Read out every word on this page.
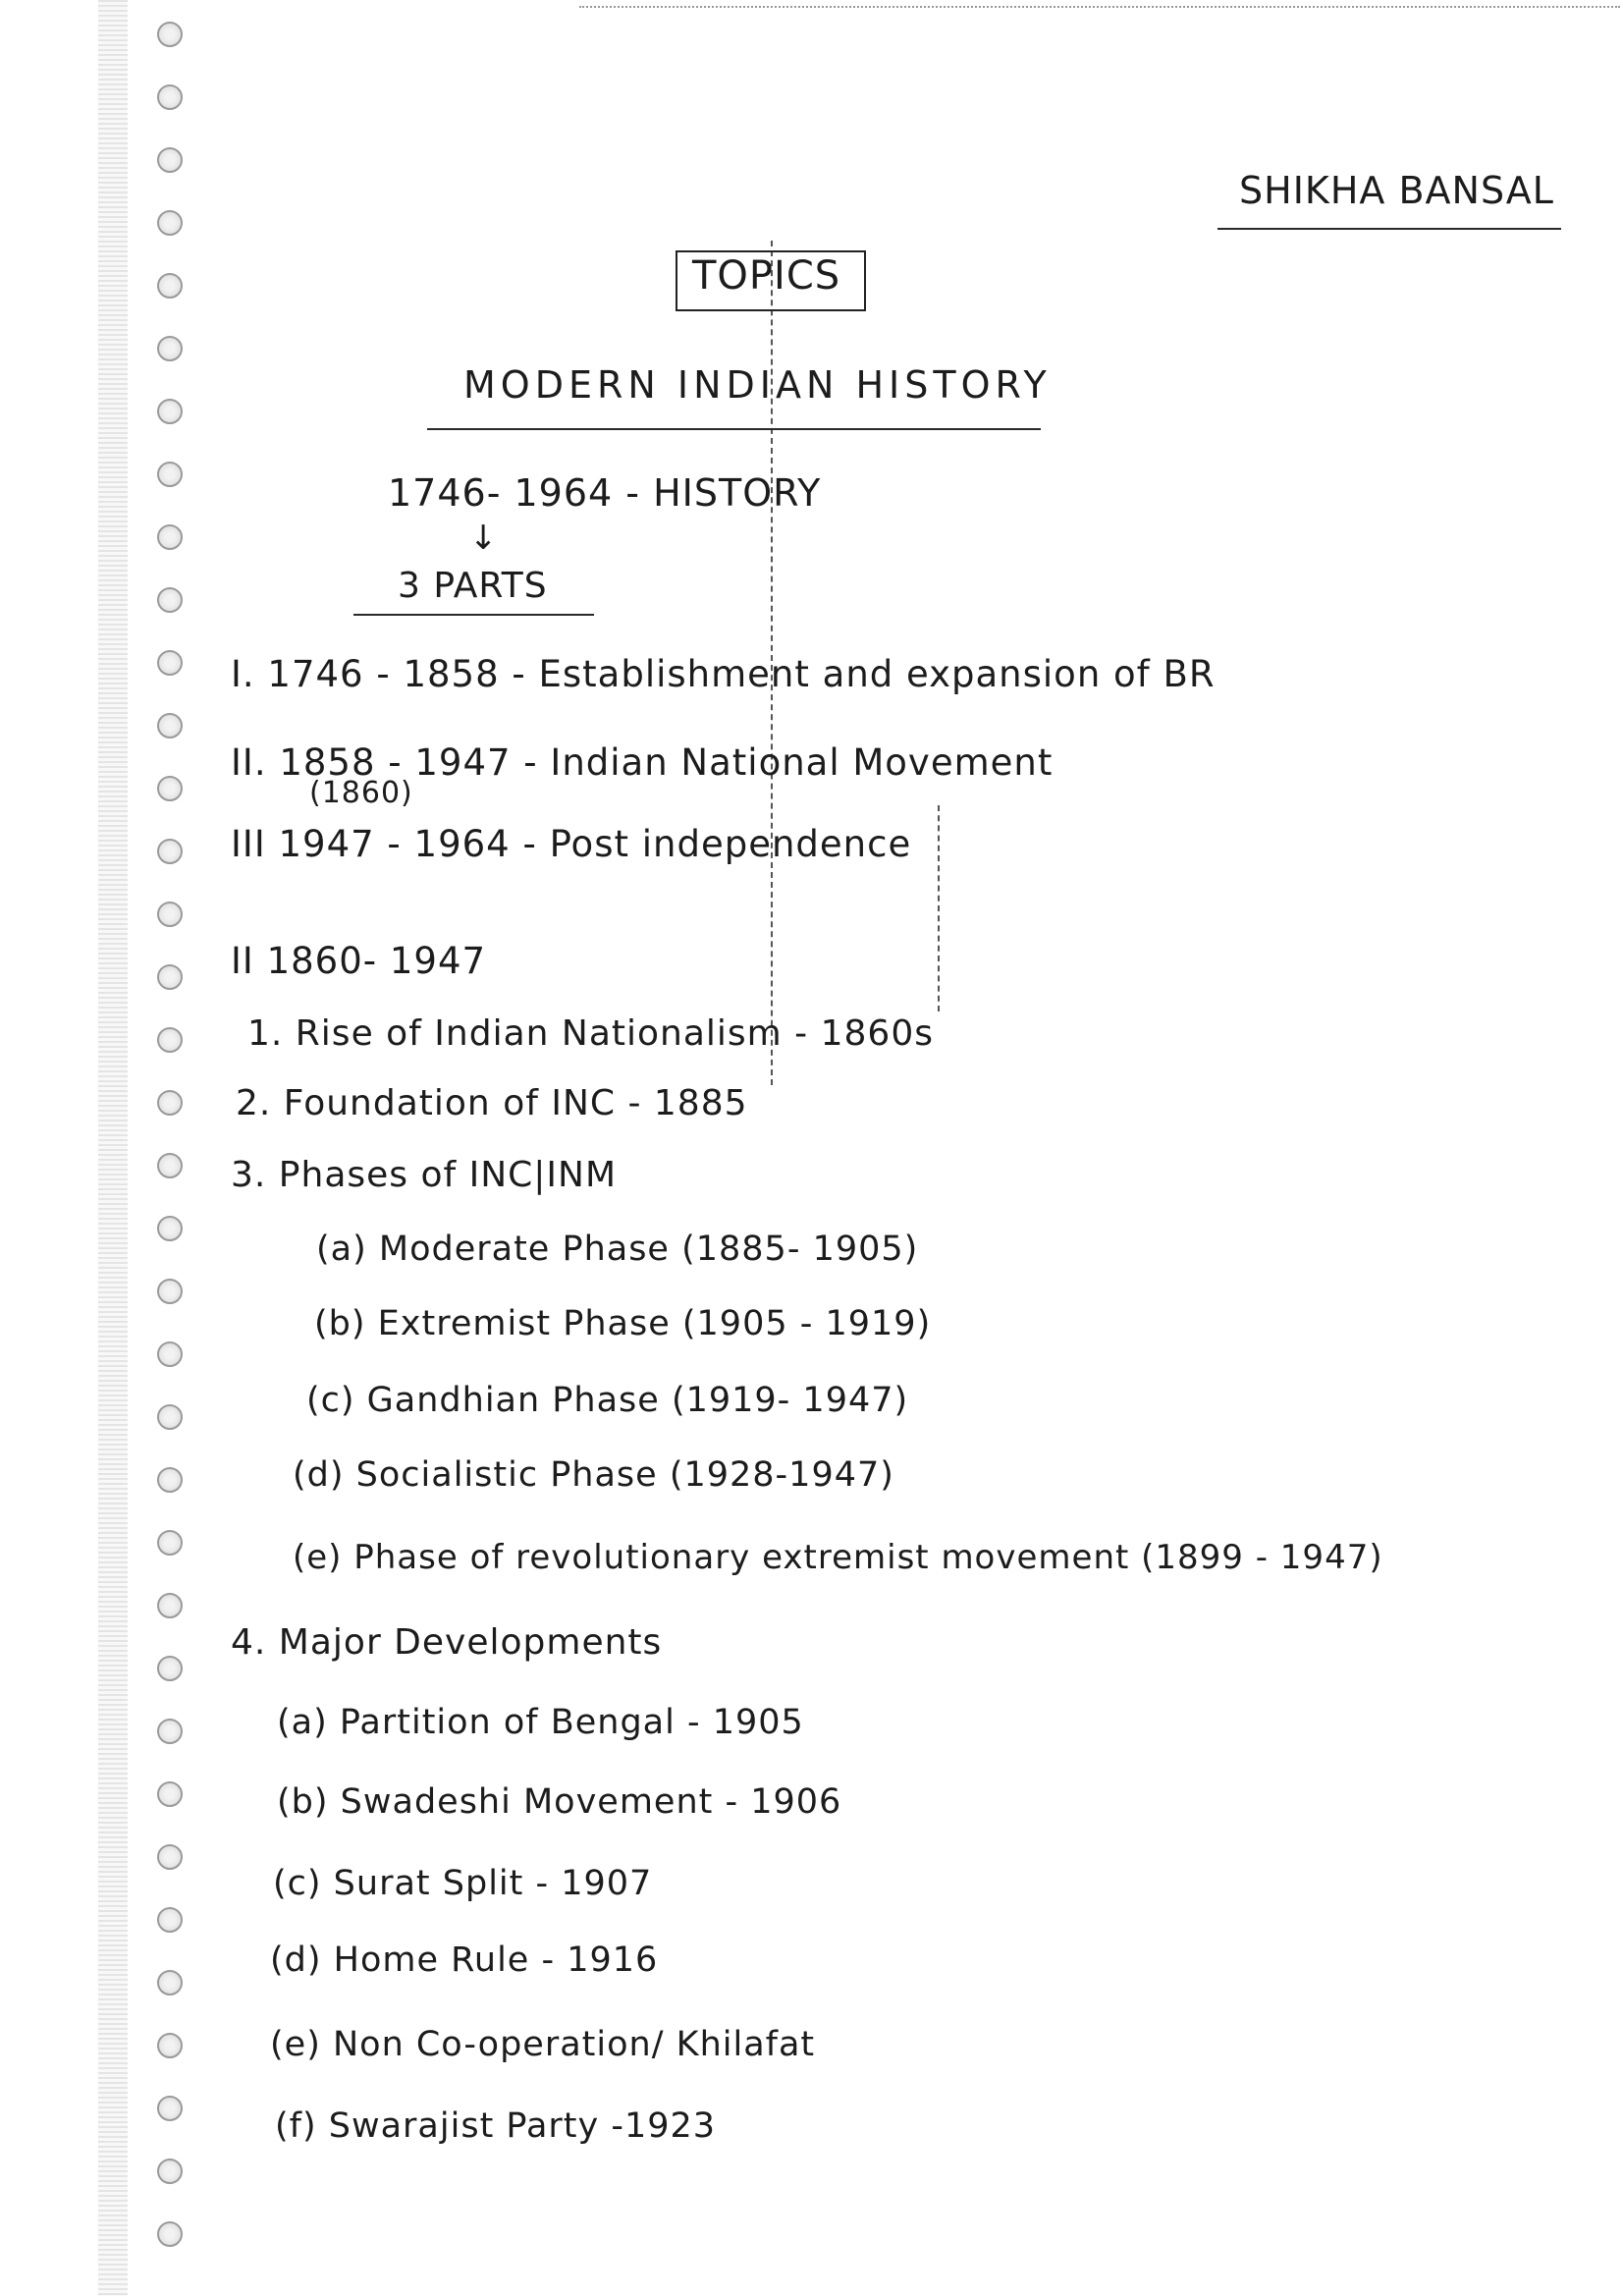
SHIKHA BANSAL
TOPICS
MODERN INDIAN HISTORY
1746- 1964 - HISTORY
↓
3 PARTS
I. 1746 - 1858 - Establishment and expansion of BR
II. 1858 - 1947 - Indian National Movement
(1860)
III 1947 - 1964 - Post independence
II 1860- 1947
1. Rise of Indian Nationalism - 1860s
2. Foundation of INC - 1885
3. Phases of INC|INM
(a) Moderate Phase (1885- 1905)
(b) Extremist Phase (1905 - 1919)
(c) Gandhian Phase (1919- 1947)
(d) Socialistic Phase (1928-1947)
(e) Phase of revolutionary extremist movement (1899 - 1947)
4. Major Developments
(a) Partition of Bengal - 1905
(b) Swadeshi Movement - 1906
(c) Surat Split - 1907
(d) Home Rule - 1916
(e) Non Co-operation/ Khilafat
(f) Swarajist Party -1923
